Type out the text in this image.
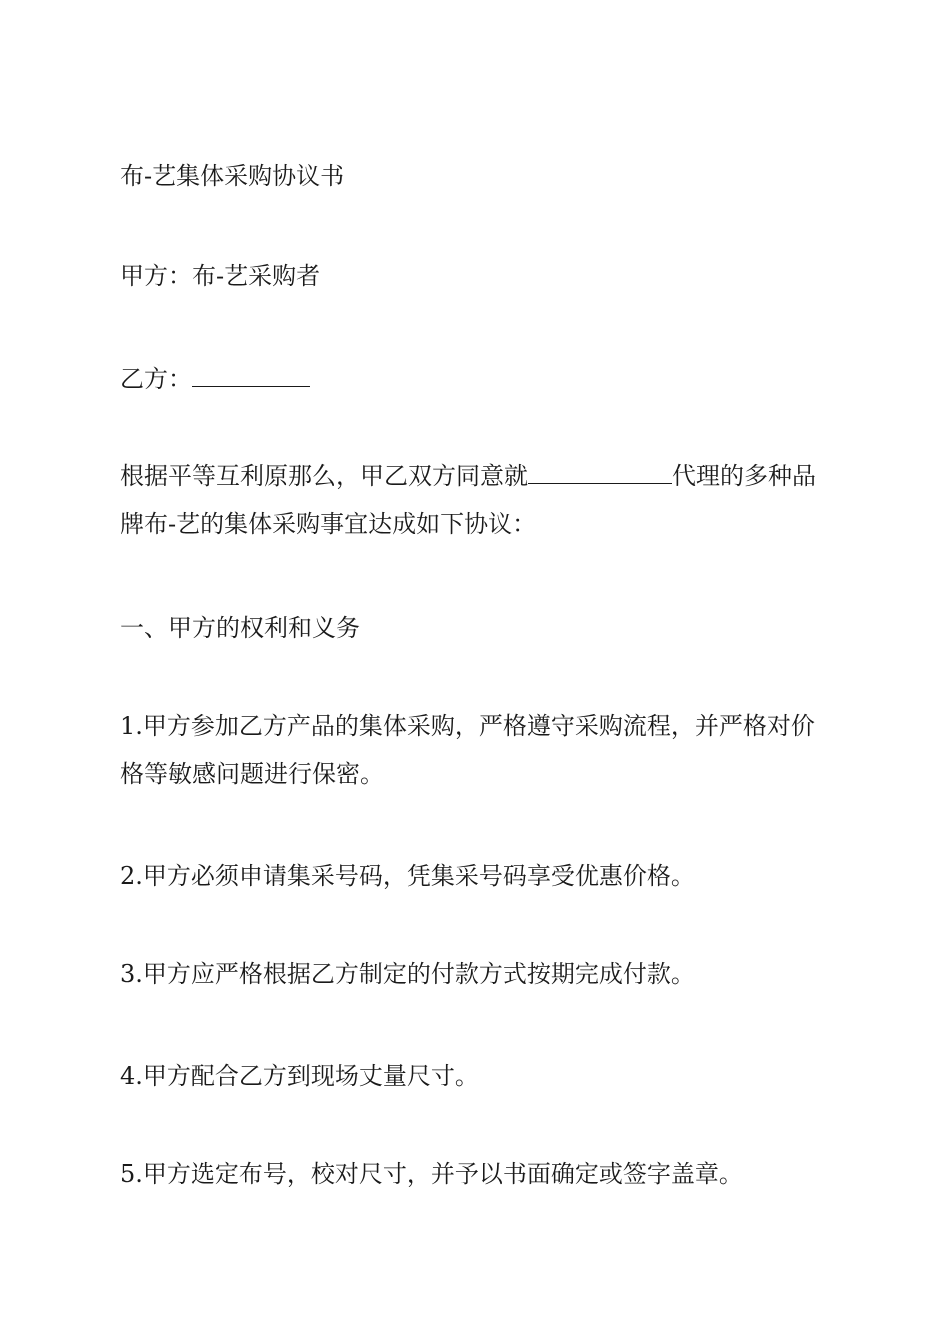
布-艺集体采购协议书

甲方：布-艺采购者

乙方：

根据平等互利原那么，甲乙双方同意就	代理的多种品
牌布-艺的集体采购事宜达成如下协议：

一、甲方的权利和义务

1.甲方参加乙方产品的集体采购，严格遵守采购流程，并严格对价
格等敏感问题进行保密。

2.甲方必须申请集采号码，凭集采号码享受优惠价格。

3.甲方应严格根据乙方制定的付款方式按期完成付款。

4.甲方配合乙方到现场丈量尺寸。

5.甲方选定布号，校对尺寸，并予以书面确定或签字盖章。
